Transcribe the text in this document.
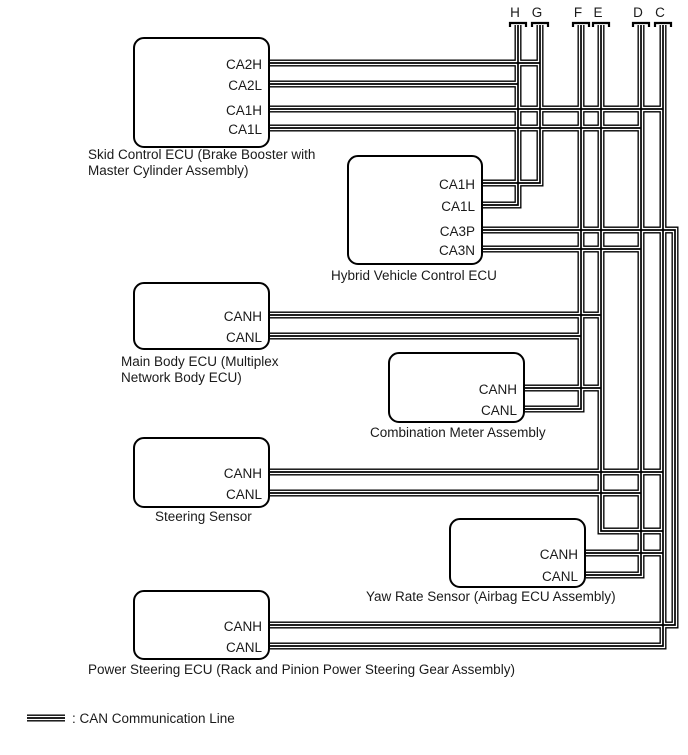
H G	F E	D C
CA2H
CA2L
CA1H
CA1L
Skid Control ECU (Brake Booster with
Master Cylinder Assembly)
CA1H
CA1L
CA3P
CA3N
Hybrid Vehicle Control ECU
CANH
CANL
Main Body ECU (Multiplex
Network Body ECU)
CANH
CANL
Combination Meter Assembly
CANH
CANL
Steering Sensor
CANH
CANL
Yaw Rate Sensor (Airbag ECU Assembly)
CANH
CANL
Power Steering ECU (Rack and Pinion Power Steering Gear Assembly)
: CAN Communication Line
